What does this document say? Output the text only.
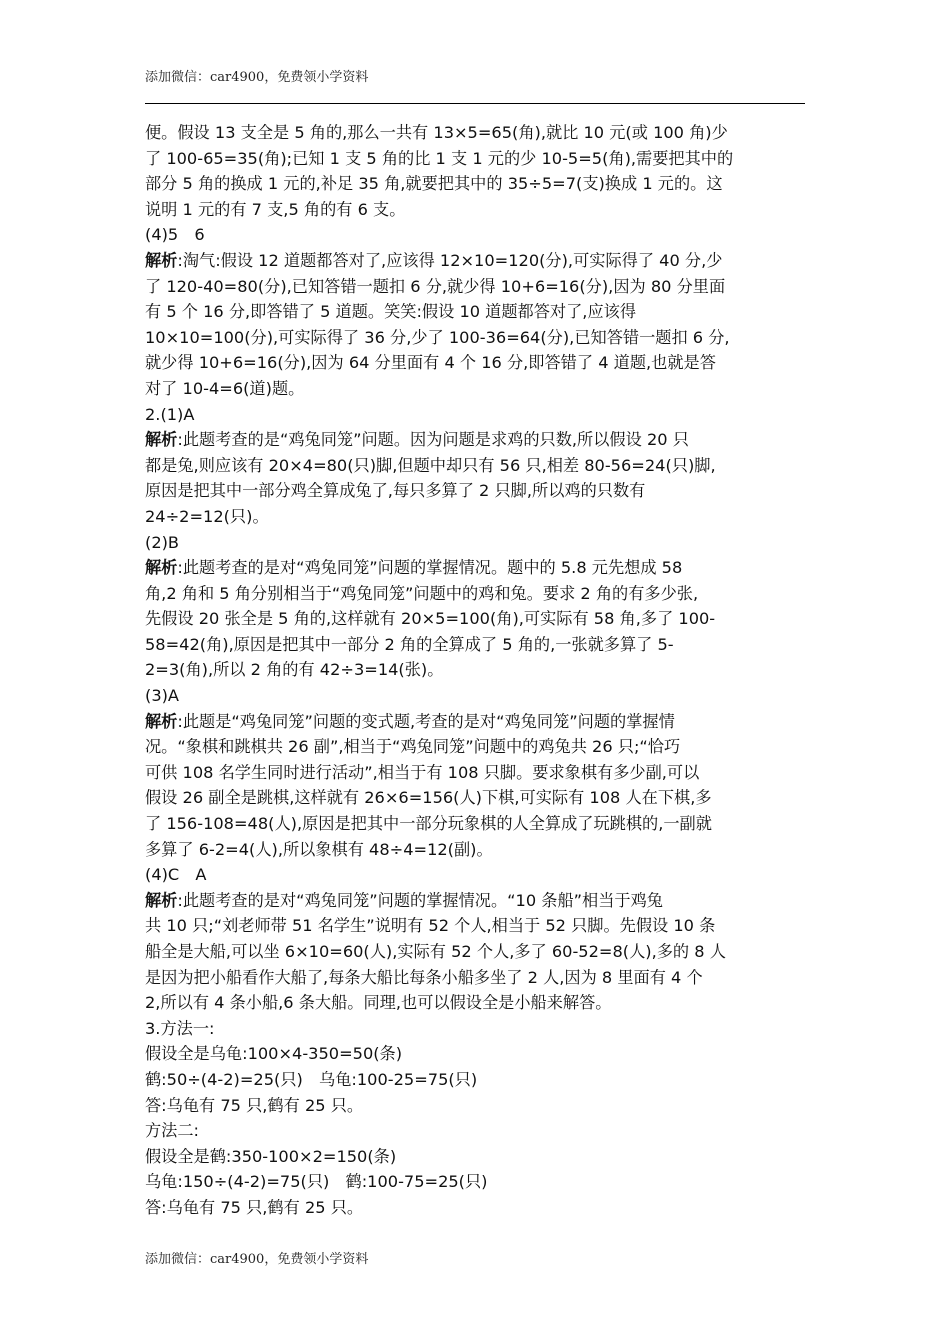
添加微信：car4900，免费领小学资料
便。假设 13 支全是 5 角的,那么一共有 13×5=65(角),就比 10 元(或 100 角)少
了 100-65=35(角);已知 1 支 5 角的比 1 支 1 元的少 10-5=5(角),需要把其中的
部分 5 角的换成 1 元的,补足 35 角,就要把其中的 35÷5=7(支)换成 1 元的。这
说明 1 元的有 7 支,5 角的有 6 支。
(4)5　6
解析:淘气:假设 12 道题都答对了,应该得 12×10=120(分),可实际得了 40 分,少
了 120-40=80(分),已知答错一题扣 6 分,就少得 10+6=16(分),因为 80 分里面
有 5 个 16 分,即答错了 5 道题。笑笑:假设 10 道题都答对了,应该得
10×10=100(分),可实际得了 36 分,少了 100-36=64(分),已知答错一题扣 6 分,
就少得 10+6=16(分),因为 64 分里面有 4 个 16 分,即答错了 4 道题,也就是答
对了 10-4=6(道)题。
2.(1)A
解析:此题考查的是“鸡兔同笼”问题。因为问题是求鸡的只数,所以假设 20 只
都是兔,则应该有 20×4=80(只)脚,但题中却只有 56 只,相差 80-56=24(只)脚,
原因是把其中一部分鸡全算成兔了,每只多算了 2 只脚,所以鸡的只数有
24÷2=12(只)。
(2)B
解析:此题考查的是对“鸡兔同笼”问题的掌握情况。题中的 5.8 元先想成 58
角,2 角和 5 角分别相当于“鸡兔同笼”问题中的鸡和兔。要求 2 角的有多少张,
先假设 20 张全是 5 角的,这样就有 20×5=100(角),可实际有 58 角,多了 100-
58=42(角),原因是把其中一部分 2 角的全算成了 5 角的,一张就多算了 5-
2=3(角),所以 2 角的有 42÷3=14(张)。
(3)A
解析:此题是“鸡兔同笼”问题的变式题,考查的是对“鸡兔同笼”问题的掌握情
况。“象棋和跳棋共 26 副”,相当于“鸡兔同笼”问题中的鸡兔共 26 只;“恰巧
可供 108 名学生同时进行活动”,相当于有 108 只脚。要求象棋有多少副,可以
假设 26 副全是跳棋,这样就有 26×6=156(人)下棋,可实际有 108 人在下棋,多
了 156-108=48(人),原因是把其中一部分玩象棋的人全算成了玩跳棋的,一副就
多算了 6-2=4(人),所以象棋有 48÷4=12(副)。
(4)C　A
解析:此题考查的是对“鸡兔同笼”问题的掌握情况。“10 条船”相当于鸡兔
共 10 只;“刘老师带 51 名学生”说明有 52 个人,相当于 52 只脚。先假设 10 条
船全是大船,可以坐 6×10=60(人),实际有 52 个人,多了 60-52=8(人),多的 8 人
是因为把小船看作大船了,每条大船比每条小船多坐了 2 人,因为 8 里面有 4 个
2,所以有 4 条小船,6 条大船。同理,也可以假设全是小船来解答。
3.方法一:
假设全是乌龟:100×4-350=50(条)
鹤:50÷(4-2)=25(只)　乌龟:100-25=75(只)
答:乌龟有 75 只,鹤有 25 只。
方法二:
假设全是鹤:350-100×2=150(条)
乌龟:150÷(4-2)=75(只)　鹤:100-75=25(只)
答:乌龟有 75 只,鹤有 25 只。
添加微信：car4900，免费领小学资料
